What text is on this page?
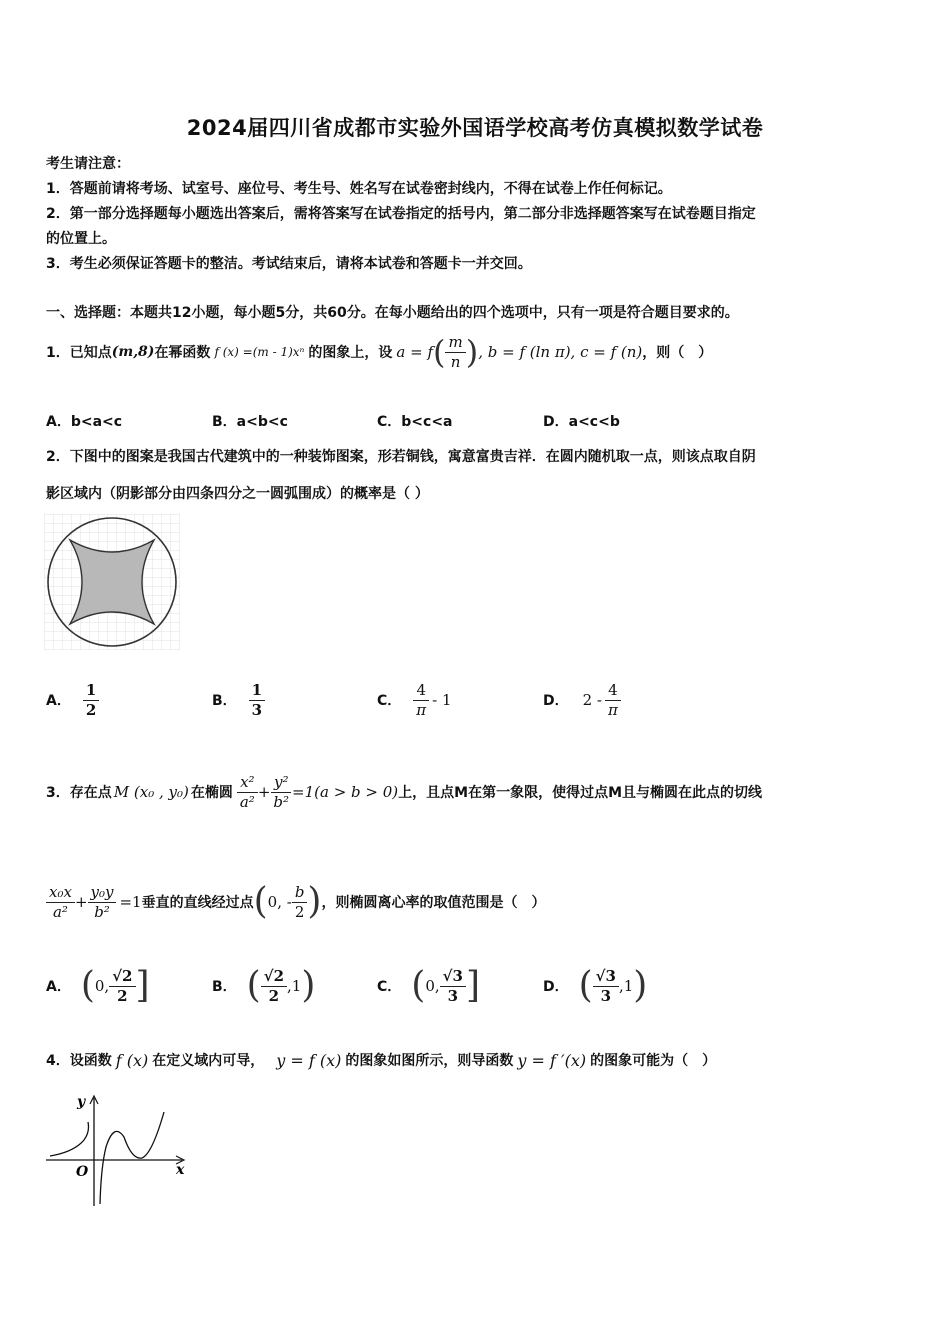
2024届四川省成都市实验外国语学校高考仿真模拟数学试卷
考生请注意：
1．答题前请将考场、试室号、座位号、考生号、姓名写在试卷密封线内，不得在试卷上作任何标记。
2．第一部分选择题每小题选出答案后，需将答案写在试卷指定的括号内，第二部分非选择题答案写在试卷题目指定
的位置上。
3．考生必须保证答题卡的整洁。考试结束后，请将本试卷和答题卡一并交回。
一、选择题：本题共12小题，每小题5分，共60分。在每小题给出的四个选项中，只有一项是符合题目要求的。
1．已知点 (m,8) 在幂函数 f (x) =(m - 1)xⁿ 的图象上，设 a = f ( $\frac{m}{n}$ ) , b = f (ln π), c = f (n) ，则（　）
A．b<a<c	B．a<b<c	C．b<c<a	D．a<c<b
2．下图中的图案是我国古代建筑中的一种装饰图案，形若铜钱，寓意富贵吉祥．在圆内随机取一点，则该点取自阴
影区域内（阴影部分由四条四分之一圆弧围成）的概率是（ ）
A． $\frac{1}{2}$	B． $\frac{1}{3}$	C． $\frac{4}{\pi} - 1$	D． $2 - \frac{4}{\pi}$
3．存在点 M (x₀ , y₀) 在椭圆 $\frac{\text{x²}}{\text{a²}} + \frac{\text{y²}}{\text{b²}} =1(a > b > 0)$ 上，且点M在第一象限，使得过点M且与椭圆在此点的切线
$\frac{\text{x₀x}}{\text{a²}} + \frac{\text{y₀y}}{\text{b²}} =1$ 垂直的直线经过点 ( 0, - $\frac{b}{2}$ ) ，则椭圆离心率的取值范围是（　）
A． ( 0, $\frac{√2}{2}$ ]	B． ( $\frac{√2}{2} ,1$ )	C． ( 0, $\frac{√3}{3}$ ]	D． ( $\frac{√3}{3} ,1$ )
4．设函数 f (x) 在定义域内可导， y = f (x) 的图象如图所示，则导函数 y = f ′(x) 的图象可能为（　）
y
x
O
